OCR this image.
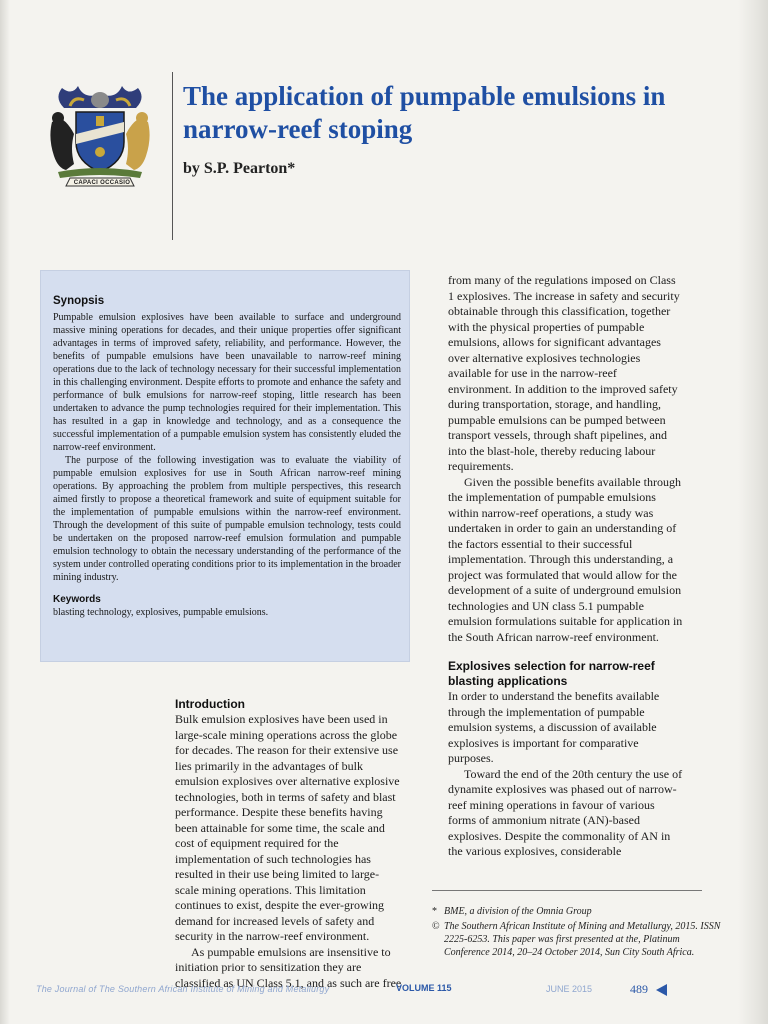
CAPACI OCCASIO
The application of pumpable emulsions in narrow-reef stoping

by S.P. Pearton*

Synopsis

Pumpable emulsion explosives have been available to surface and underground massive mining operations for decades, and their unique properties offer significant advantages in terms of improved safety, reliability, and performance. However, the benefits of pumpable emulsions have been unavailable to narrow-reef mining operations due to the lack of technology necessary for their successful implementation in this challenging environment. Despite efforts to promote and enhance the safety and performance of bulk emulsions for narrow-reef stoping, little research has been undertaken to advance the pump technologies required for their implementation. This has resulted in a gap in knowledge and technology, and as a consequence the successful implementation of a pumpable emulsion system has consistently eluded the narrow-reef environment.

The purpose of the following investigation was to evaluate the viability of pumpable emulsion explosives for use in South African narrow-reef mining operations. By approaching the problem from multiple perspectives, this research aimed firstly to propose a theoretical framework and suite of equipment suitable for the implementation of pumpable emulsions within the narrow-reef environment. Through the development of this suite of pumpable emulsion technology, tests could be undertaken on the proposed narrow-reef emulsion formulation and pumpable emulsion technology to obtain the necessary understanding of the performance of the system under controlled operating conditions prior to its implementation in the broader mining industry.

Keywords

blasting technology, explosives, pumpable emulsions.

Introduction

Bulk emulsion explosives have been used in large-scale mining operations across the globe for decades. The reason for their extensive use lies primarily in the advantages of bulk emulsion explosives over alternative explosive technologies, both in terms of safety and blast performance. Despite these benefits having been attainable for some time, the scale and cost of equipment required for the implementation of such technologies has resulted in their use being limited to large-scale mining operations. This limitation continues to exist, despite the ever-growing demand for increased levels of safety and security in the narrow-reef environment.

As pumpable emulsions are insensitive to initiation prior to sensitization they are classified as UN Class 5.1, and as such are free

from many of the regulations imposed on Class 1 explosives. The increase in safety and security obtainable through this classification, together with the physical properties of pumpable emulsions, allows for significant advantages over alternative explosives technologies available for use in the narrow-reef environment. In addition to the improved safety during transportation, storage, and handling, pumpable emulsions can be pumped between transport vessels, through shaft pipelines, and into the blast-hole, thereby reducing labour requirements.

Given the possible benefits available through the implementation of pumpable emulsions within narrow-reef operations, a study was undertaken in order to gain an understanding of the factors essential to their successful implementation. Through this understanding, a project was formulated that would allow for the development of a suite of underground emulsion technologies and UN class 5.1 pumpable emulsion formulations suitable for application in the South African narrow-reef environment.

Explosives selection for narrow-reef blasting applications

In order to understand the benefits available through the implementation of pumpable emulsion systems, a discussion of available explosives is important for comparative purposes.

Toward the end of the 20th century the use of dynamite explosives was phased out of narrow-reef mining operations in favour of various forms of ammonium nitrate (AN)-based explosives. Despite the commonality of AN in the various explosives, considerable

* BME, a division of the Omnia Group
© The Southern African Institute of Mining and Metallurgy, 2015. ISSN 2225-6253. This paper was first presented at the, Platinum Conference 2014, 20–24 October 2014, Sun City South Africa.
The Journal of The Southern African Institute of Mining and Metallurgy	VOLUME 115	JUNE 2015	489
